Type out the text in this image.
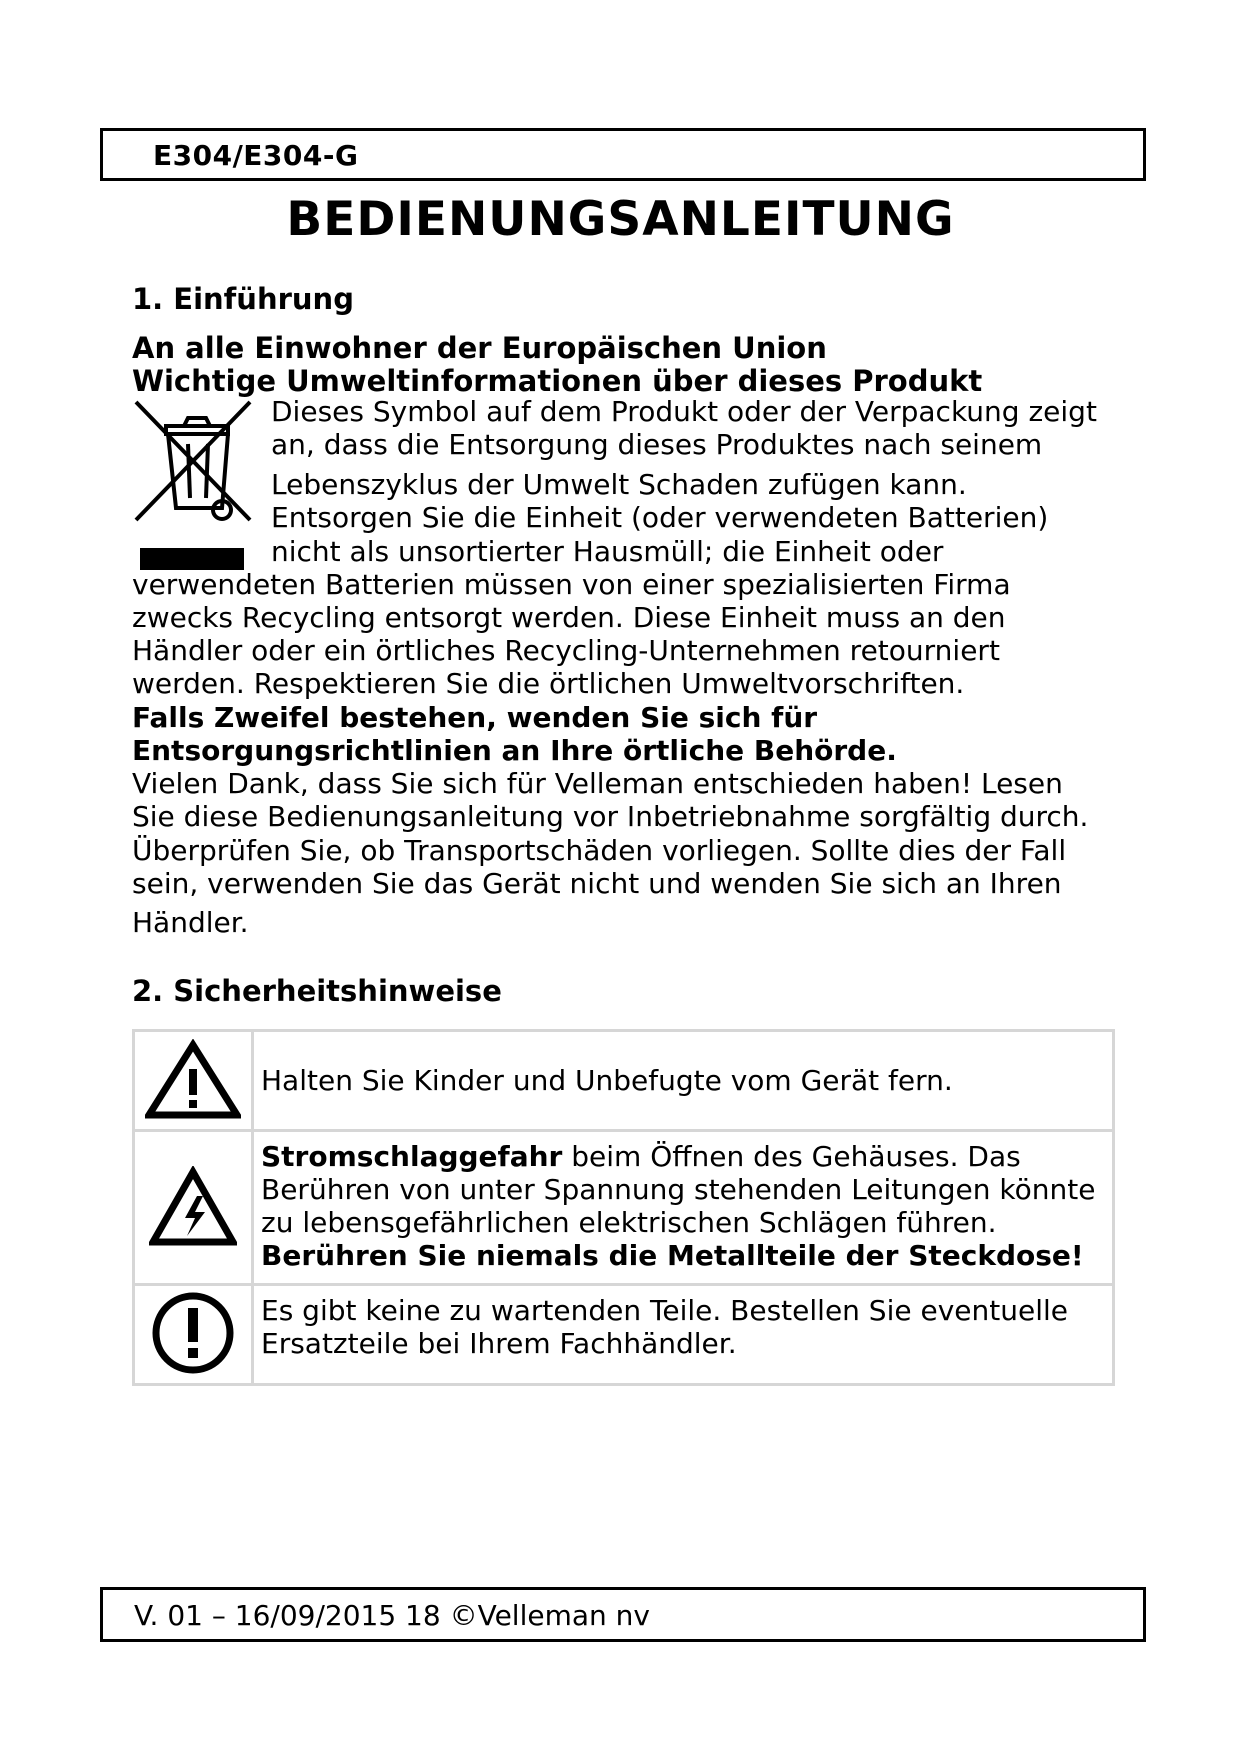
E304/E304-G
BEDIENUNGSANLEITUNG
1. Einführung
An alle Einwohner der Europäischen Union
Wichtige Umweltinformationen über dieses Produkt
Dieses Symbol auf dem Produkt oder der Verpackung zeigt
an, dass die Entsorgung dieses Produktes nach seinem
Lebenszyklus der Umwelt Schaden zufügen kann.
Entsorgen Sie die Einheit (oder verwendeten Batterien)
nicht als unsortierter Hausmüll; die Einheit oder
verwendeten Batterien müssen von einer spezialisierten Firma
zwecks Recycling entsorgt werden. Diese Einheit muss an den
Händler oder ein örtliches Recycling-Unternehmen retourniert
werden. Respektieren Sie die örtlichen Umweltvorschriften.
Falls Zweifel bestehen, wenden Sie sich für
Entsorgungsrichtlinien an Ihre örtliche Behörde.
Vielen Dank, dass Sie sich für Velleman entschieden haben! Lesen
Sie diese Bedienungsanleitung vor Inbetriebnahme sorgfältig durch.
Überprüfen Sie, ob Transportschäden vorliegen. Sollte dies der Fall
sein, verwenden Sie das Gerät nicht und wenden Sie sich an Ihren
Händler.
2. Sicherheitshinweise
	Halten Sie Kinder und Unbefugte vom Gerät fern.

Stromschlaggefahr beim Öffnen des Gehäuses. Das
Berühren von unter Spannung stehenden Leitungen könnte
zu lebensgefährlichen elektrischen Schlägen führen.
Berühren Sie niemals die Metallteile der Steckdose!

Es gibt keine zu wartenden Teile. Bestellen Sie eventuelle
Ersatzteile bei Ihrem Fachhändler.
V. 01 – 16/09/2015 18 ©Velleman nv
